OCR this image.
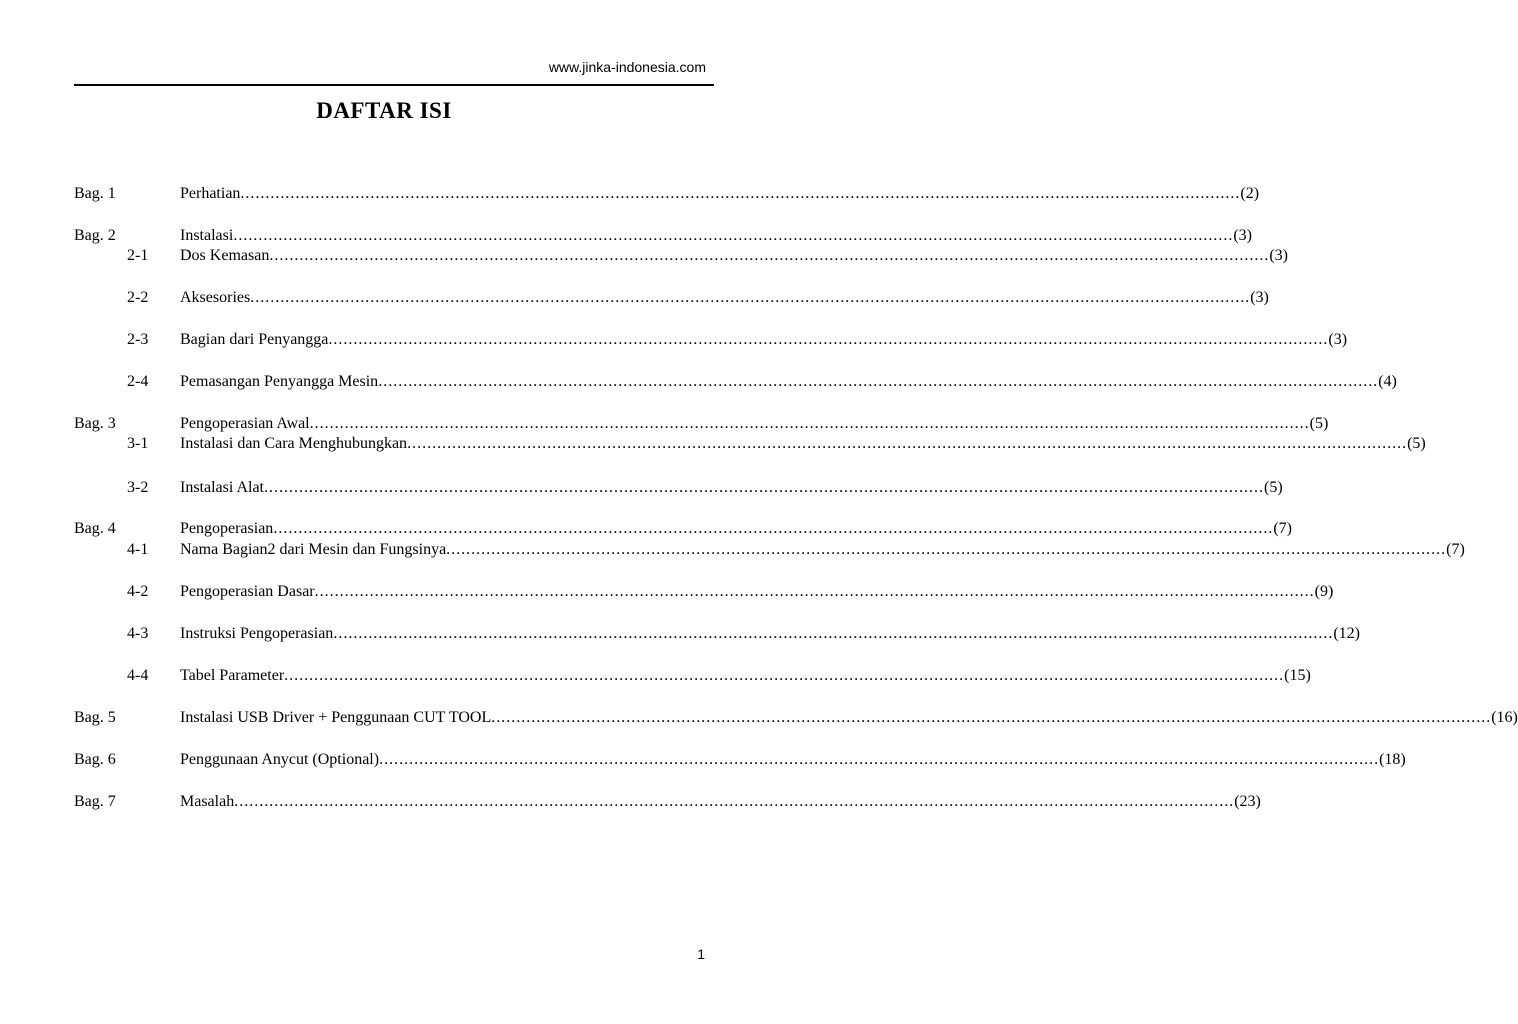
www.jinka-indonesia.com
DAFTAR ISI
Bag. 1	Perhatian ........................................................................................................................................................................................................ (2)
Bag. 2	Instalasi ........................................................................................................................................................................................................ (3)
2-1 Dos Kemasan ........................................................................................................................................................................................................ (3)
2-2 Aksesories ........................................................................................................................................................................................................ (3)
2-3 Bagian dari Penyangga ........................................................................................................................................................................................................ (3)
2-4 Pemasangan Penyangga Mesin ........................................................................................................................................................................................................ (4)
Bag. 3	Pengoperasian Awal ........................................................................................................................................................................................................ (5)
3-1 Instalasi dan Cara Menghubungkan ........................................................................................................................................................................................................ (5)
3-2 Instalasi Alat ........................................................................................................................................................................................................ (5)
Bag. 4	Pengoperasian ........................................................................................................................................................................................................ (7)
4-1 Nama Bagian2 dari Mesin dan Fungsinya ........................................................................................................................................................................................................ (7)
4-2 Pengoperasian Dasar ........................................................................................................................................................................................................ (9)
4-3 Instruksi Pengoperasian ........................................................................................................................................................................................................ (12)
4-4 Tabel Parameter ........................................................................................................................................................................................................ (15)
Bag. 5	Instalasi USB Driver + Penggunaan CUT TOOL ........................................................................................................................................................................................................ (16)
Bag. 6	Penggunaan Anycut (Optional) ........................................................................................................................................................................................................ (18)
Bag. 7	Masalah ........................................................................................................................................................................................................ (23)
1
